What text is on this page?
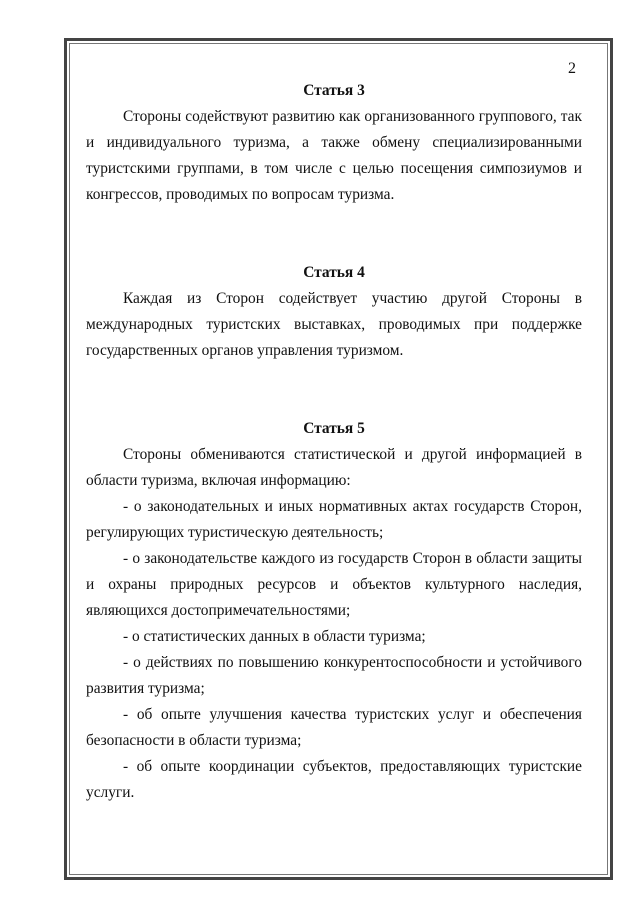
2
Статья 3

Стороны содействуют развитию как организованного группового, так и индивидуального туризма, а также обмену специализированными туристскими группами, в том числе с целью посещения симпозиумов и конгрессов, проводимых по вопросам туризма.

Статья 4

Каждая из Сторон содействует участию другой Стороны в международных туристских выставках, проводимых при поддержке государственных органов управления туризмом.

Статья 5

Стороны обмениваются статистической и другой информацией в области туризма, включая информацию:

- о законодательных и иных нормативных актах государств Сторон, регулирующих туристическую деятельность;

- о законодательстве каждого из государств Сторон в области защиты и охраны природных ресурсов и объектов культурного наследия, являющихся достопримечательностями;

- о статистических данных в области туризма;

- о действиях по повышению конкурентоспособности и устойчивого развития туризма;

- об опыте улучшения качества туристских услуг и обеспечения безопасности в области туризма;

- об опыте координации субъектов, предоставляющих туристские услуги.
